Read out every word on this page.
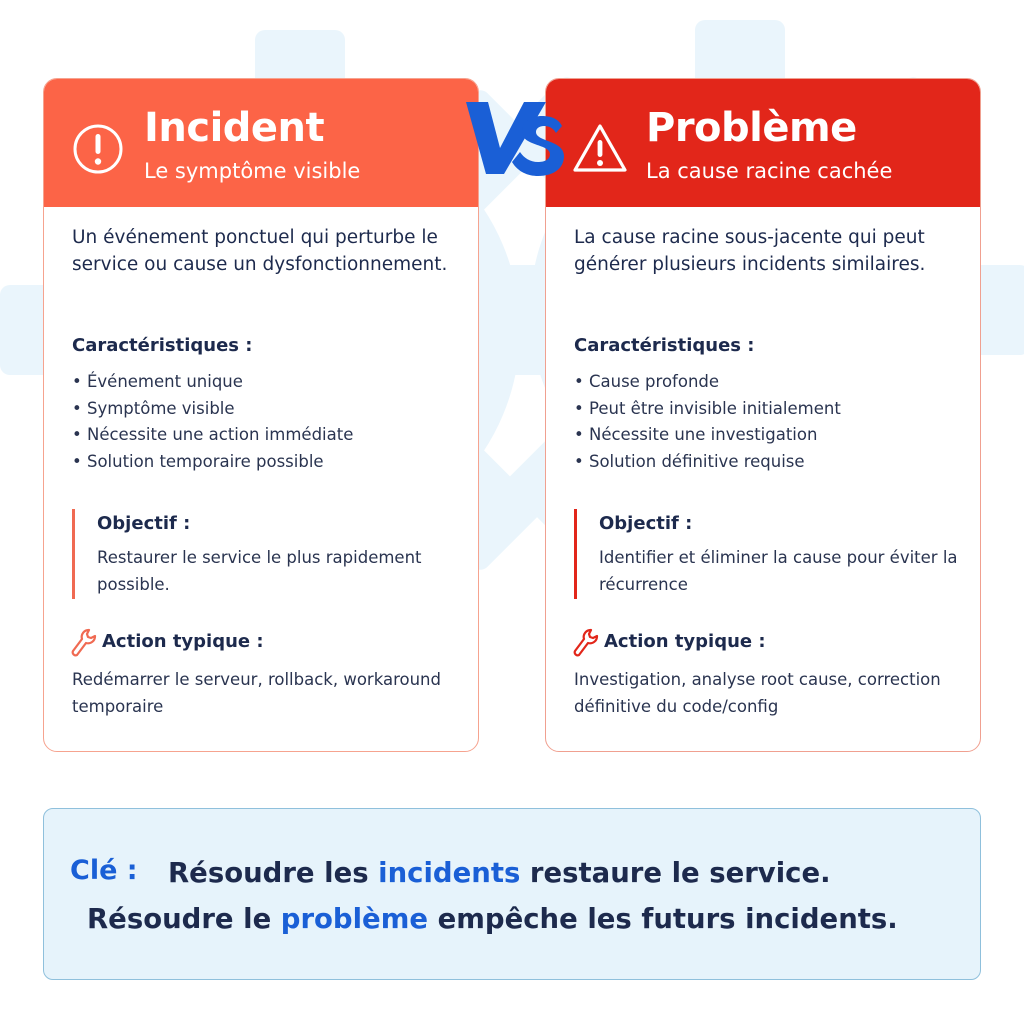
Incident
Le symptôme visible
Un événement ponctuel qui perturbe le service ou cause un dysfonctionnement.
Caractéristiques :
• Événement unique
• Symptôme visible
• Nécessite une action immédiate
• Solution temporaire possible
Objectif :
Restaurer le service le plus rapidement possible.
Action typique :
Redémarrer le serveur, rollback, workaround temporaire
Problème
La cause racine cachée
La cause racine sous-jacente qui peut générer plusieurs incidents similaires.
Caractéristiques :
• Cause profonde
• Peut être invisible initialement
• Nécessite une investigation
• Solution définitive requise
Objectif :
Identifier et éliminer la cause pour éviter la récurrence
Action typique :
Investigation, analyse root cause, correction définitive du code/config
Clé : Résoudre les incidents restaure le service.
Résoudre le problème empêche les futurs incidents.
